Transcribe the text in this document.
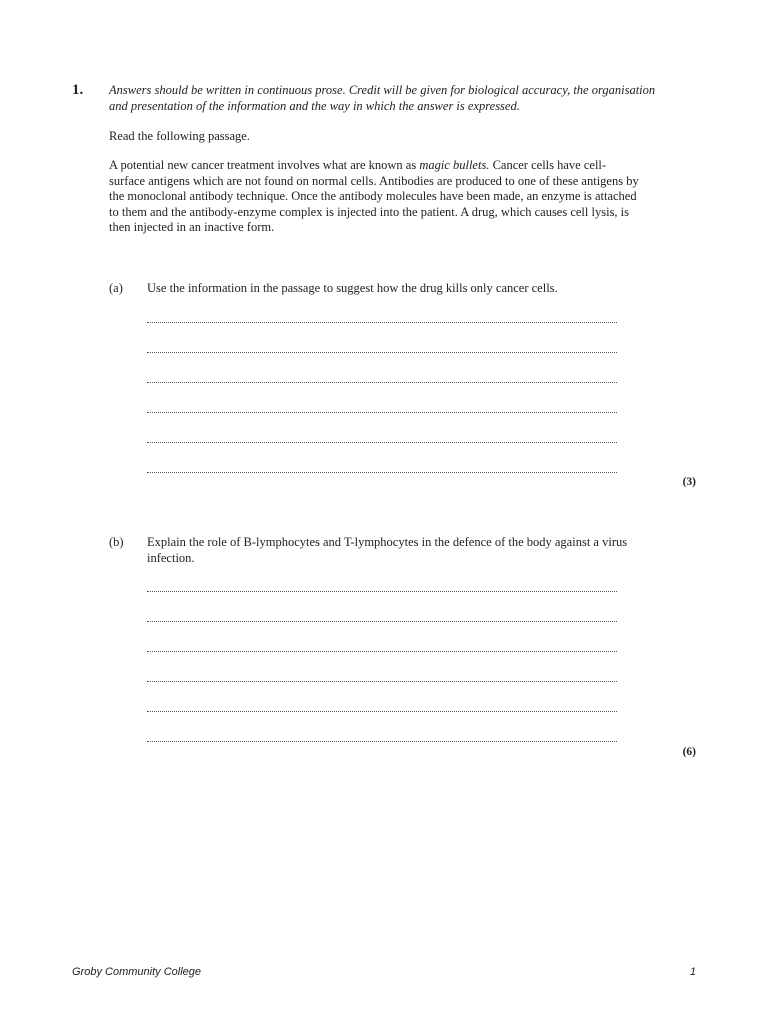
1. Answers should be written in continuous prose. Credit will be given for biological accuracy, the organisation and presentation of the information and the way in which the answer is expressed.
Read the following passage.
A potential new cancer treatment involves what are known as magic bullets. Cancer cells have cell-surface antigens which are not found on normal cells. Antibodies are produced to one of these antigens by the monoclonal antibody technique. Once the antibody molecules have been made, an enzyme is attached to them and the antibody-enzyme complex is injected into the patient. A drug, which causes cell lysis, is then injected in an inactive form.
(a) Use the information in the passage to suggest how the drug kills only cancer cells.
(3)
(b) Explain the role of B-lymphocytes and T-lymphocytes in the defence of the body against a virus infection.
(6)
Groby Community College	1
